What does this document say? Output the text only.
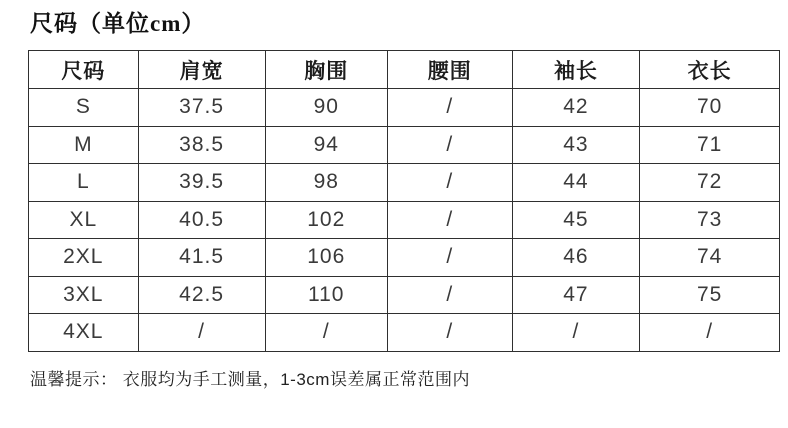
尺码（单位cm）
尺码	肩宽	胸围	腰围	袖长	衣长
S	37.5	90	/	42	70
M	38.5	94	/	43	71
L	39.5	98	/	44	72
XL	40.5	102	/	45	73
2XL	41.5	106	/	46	74
3XL	42.5	110	/	47	75
4XL	/	/	/	/	/

温馨提示： 衣服均为手工测量，1-3cm误差属正常范围内
